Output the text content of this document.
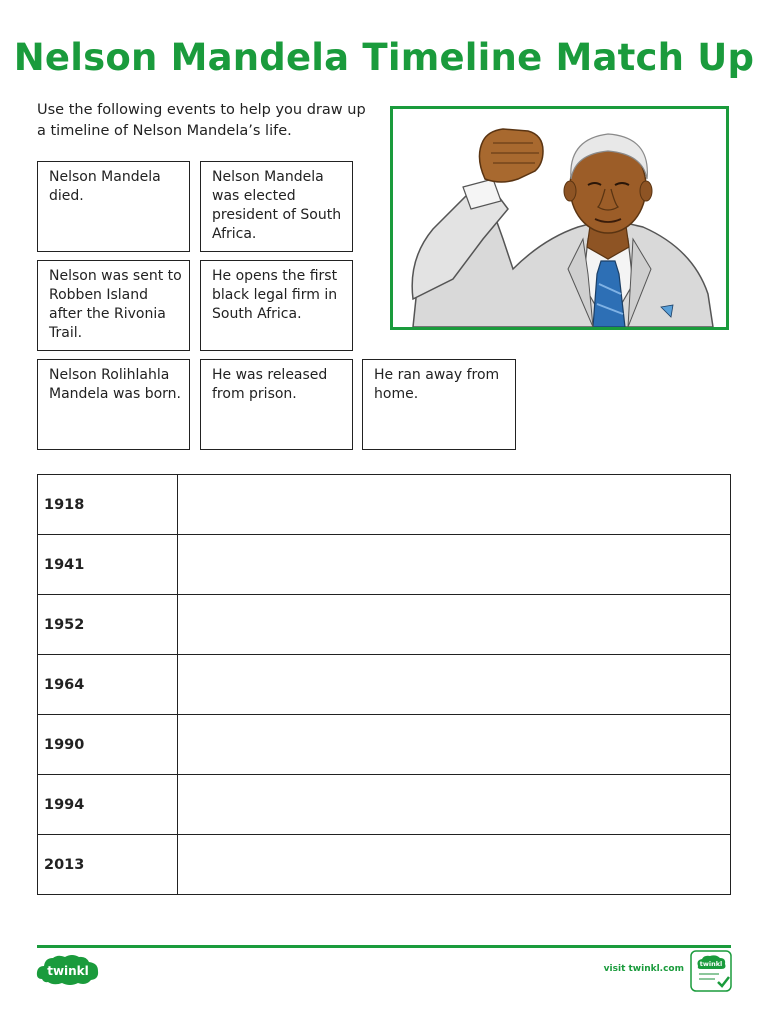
Nelson Mandela Timeline Match Up
Use the following events to help you draw up a timeline of Nelson Mandela’s life.
Nelson Mandela died.
Nelson Mandela was elected president of South Africa.
Nelson was sent to Robben Island after the Rivonia Trail.
He opens the first black legal firm in South Africa.
Nelson Rolihlahla Mandela was born.
He was released from prison.
He ran away from home.
1918	
1941	
1952	
1964	
1990	
1994	
2013	
twinkl	visit twinkl.com twinkl
